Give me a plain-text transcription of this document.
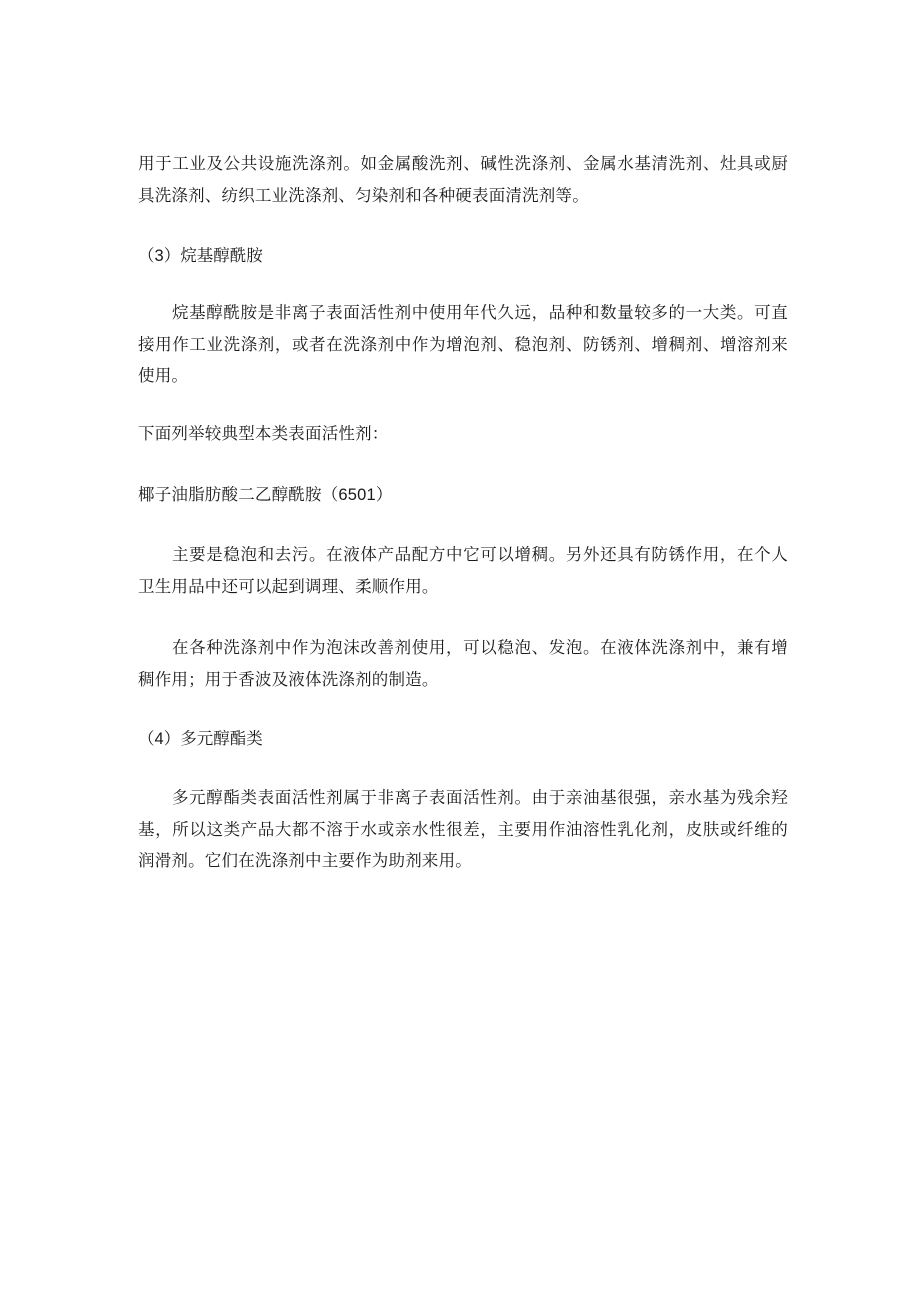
用于工业及公共设施洗涤剂。如金属酸洗剂、碱性洗涤剂、金属水基清洗剂、灶具或厨
具洗涤剂、纺织工业洗涤剂、匀染剂和各种硬表面清洗剂等。
（3）烷基醇酰胺
烷基醇酰胺是非离子表面活性剂中使用年代久远，品种和数量较多的一大类。可直
接用作工业洗涤剂，或者在洗涤剂中作为增泡剂、稳泡剂、防锈剂、增稠剂、增溶剂来
使用。
下面列举较典型本类表面活性剂：
椰子油脂肪酸二乙醇酰胺（6501）
主要是稳泡和去污。在液体产品配方中它可以增稠。另外还具有防锈作用，在个人
卫生用品中还可以起到调理、柔顺作用。
在各种洗涤剂中作为泡沫改善剂使用，可以稳泡、发泡。在液体洗涤剂中，兼有增
稠作用；用于香波及液体洗涤剂的制造。
（4）多元醇酯类
多元醇酯类表面活性剂属于非离子表面活性剂。由于亲油基很强，亲水基为残余羟
基，所以这类产品大都不溶于水或亲水性很差，主要用作油溶性乳化剂，皮肤或纤维的
润滑剂。它们在洗涤剂中主要作为助剂来用。
